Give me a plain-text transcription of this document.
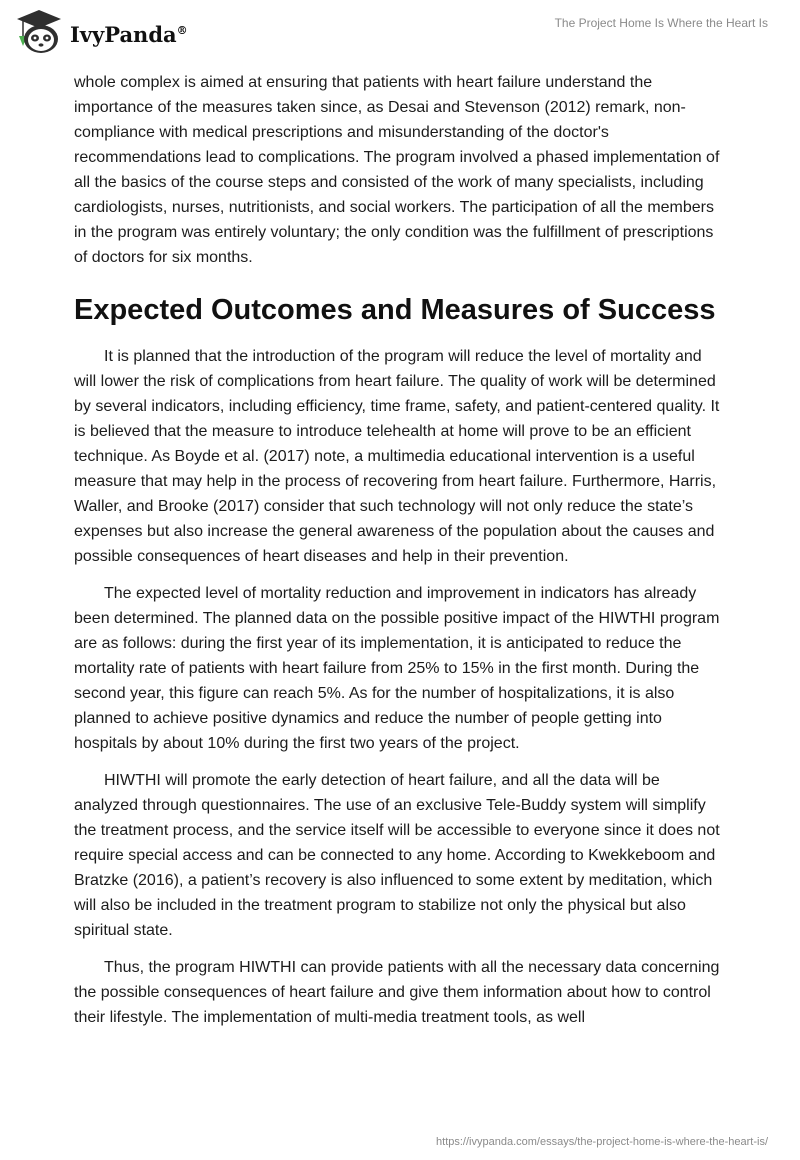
IvyPanda®	The Project Home Is Where the Heart Is

whole complex is aimed at ensuring that patients with heart failure understand the importance of the measures taken since, as Desai and Stevenson (2012) remark, non-compliance with medical prescriptions and misunderstanding of the doctor's recommendations lead to complications. The program involved a phased implementation of all the basics of the course steps and consisted of the work of many specialists, including cardiologists, nurses, nutritionists, and social workers. The participation of all the members in the program was entirely voluntary; the only condition was the fulfillment of prescriptions of doctors for six months.

Expected Outcomes and Measures of Success

It is planned that the introduction of the program will reduce the level of mortality and will lower the risk of complications from heart failure. The quality of work will be determined by several indicators, including efficiency, time frame, safety, and patient-centered quality. It is believed that the measure to introduce telehealth at home will prove to be an efficient technique. As Boyde et al. (2017) note, a multimedia educational intervention is a useful measure that may help in the process of recovering from heart failure. Furthermore, Harris, Waller, and Brooke (2017) consider that such technology will not only reduce the state’s expenses but also increase the general awareness of the population about the causes and possible consequences of heart diseases and help in their prevention.

The expected level of mortality reduction and improvement in indicators has already been determined. The planned data on the possible positive impact of the HIWTHI program are as follows: during the first year of its implementation, it is anticipated to reduce the mortality rate of patients with heart failure from 25% to 15% in the first month. During the second year, this figure can reach 5%. As for the number of hospitalizations, it is also planned to achieve positive dynamics and reduce the number of people getting into hospitals by about 10% during the first two years of the project.

HIWTHI will promote the early detection of heart failure, and all the data will be analyzed through questionnaires. The use of an exclusive Tele-Buddy system will simplify the treatment process, and the service itself will be accessible to everyone since it does not require special access and can be connected to any home. According to Kwekkeboom and Bratzke (2016), a patient’s recovery is also influenced to some extent by meditation, which will also be included in the treatment program to stabilize not only the physical but also spiritual state.

Thus, the program HIWTHI can provide patients with all the necessary data concerning the possible consequences of heart failure and give them information about how to control their lifestyle. The implementation of multi-media treatment tools, as well

https://ivypanda.com/essays/the-project-home-is-where-the-heart-is/
